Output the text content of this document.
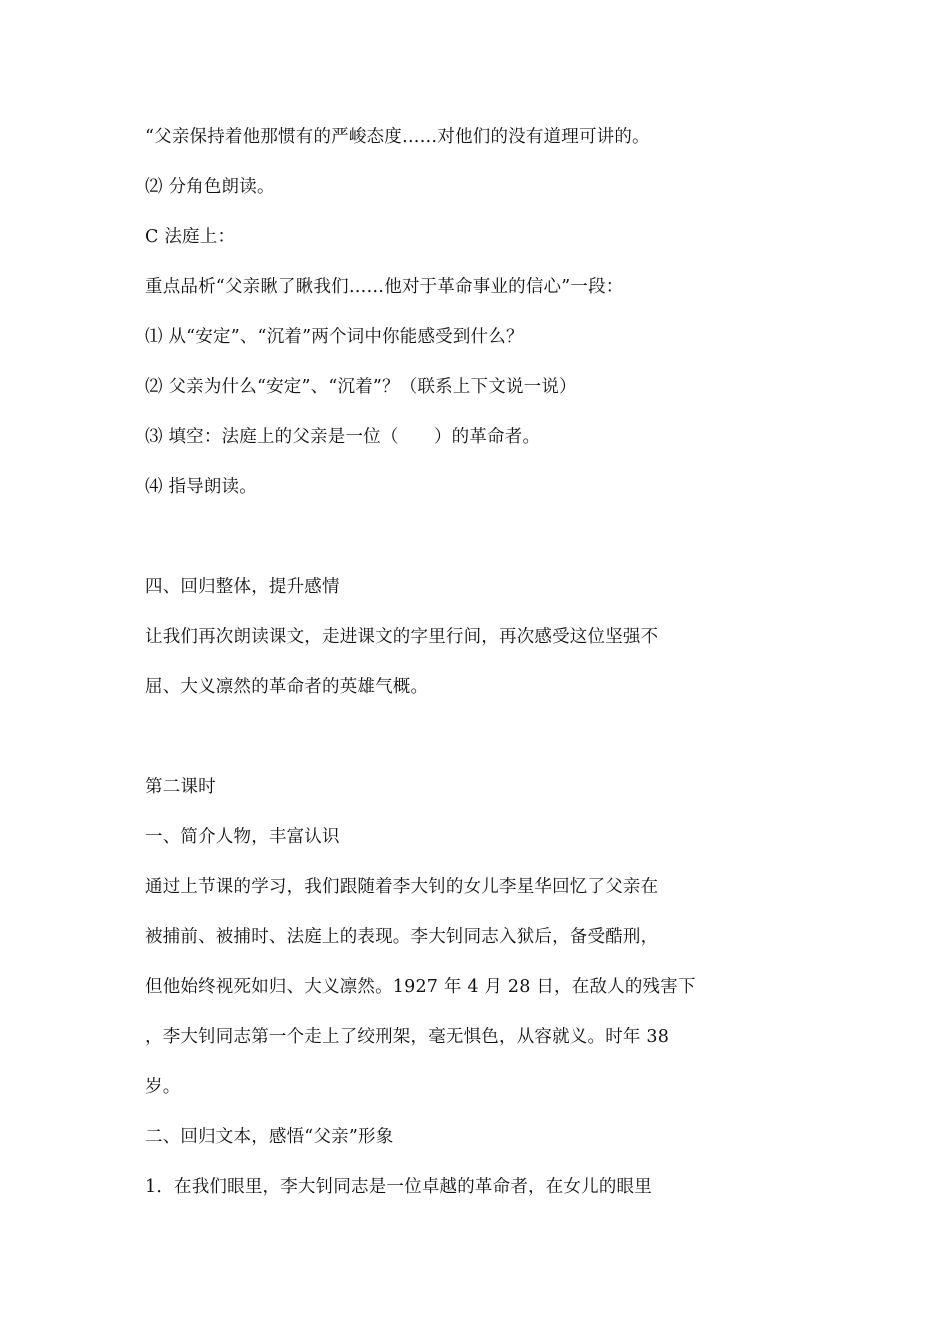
“父亲保持着他那惯有的严峻态度……对他们的没有道理可讲的。
⑵ 分角色朗读。
C 法庭上：
重点品析“父亲瞅了瞅我们……他对于革命事业的信心”一段：
⑴ 从“安定”、“沉着”两个词中你能感受到什么？
⑵ 父亲为什么“安定”、“沉着”？（联系上下文说一说）
⑶ 填空：法庭上的父亲是一位（　　）的革命者。
⑷ 指导朗读。
四、回归整体，提升感情
让我们再次朗读课文，走进课文的字里行间，再次感受这位坚强不
屈、大义凛然的革命者的英雄气概。
第二课时
一、简介人物，丰富认识
通过上节课的学习，我们跟随着李大钊的女儿李星华回忆了父亲在
被捕前、被捕时、法庭上的表现。李大钊同志入狱后，备受酷刑，
但他始终视死如归、大义凛然。1927 年 4 月 28 日，在敌人的残害下
，李大钊同志第一个走上了绞刑架，毫无惧色，从容就义。时年 38
岁。
二、回归文本，感悟“父亲”形象
1．在我们眼里，李大钊同志是一位卓越的革命者，在女儿的眼里
